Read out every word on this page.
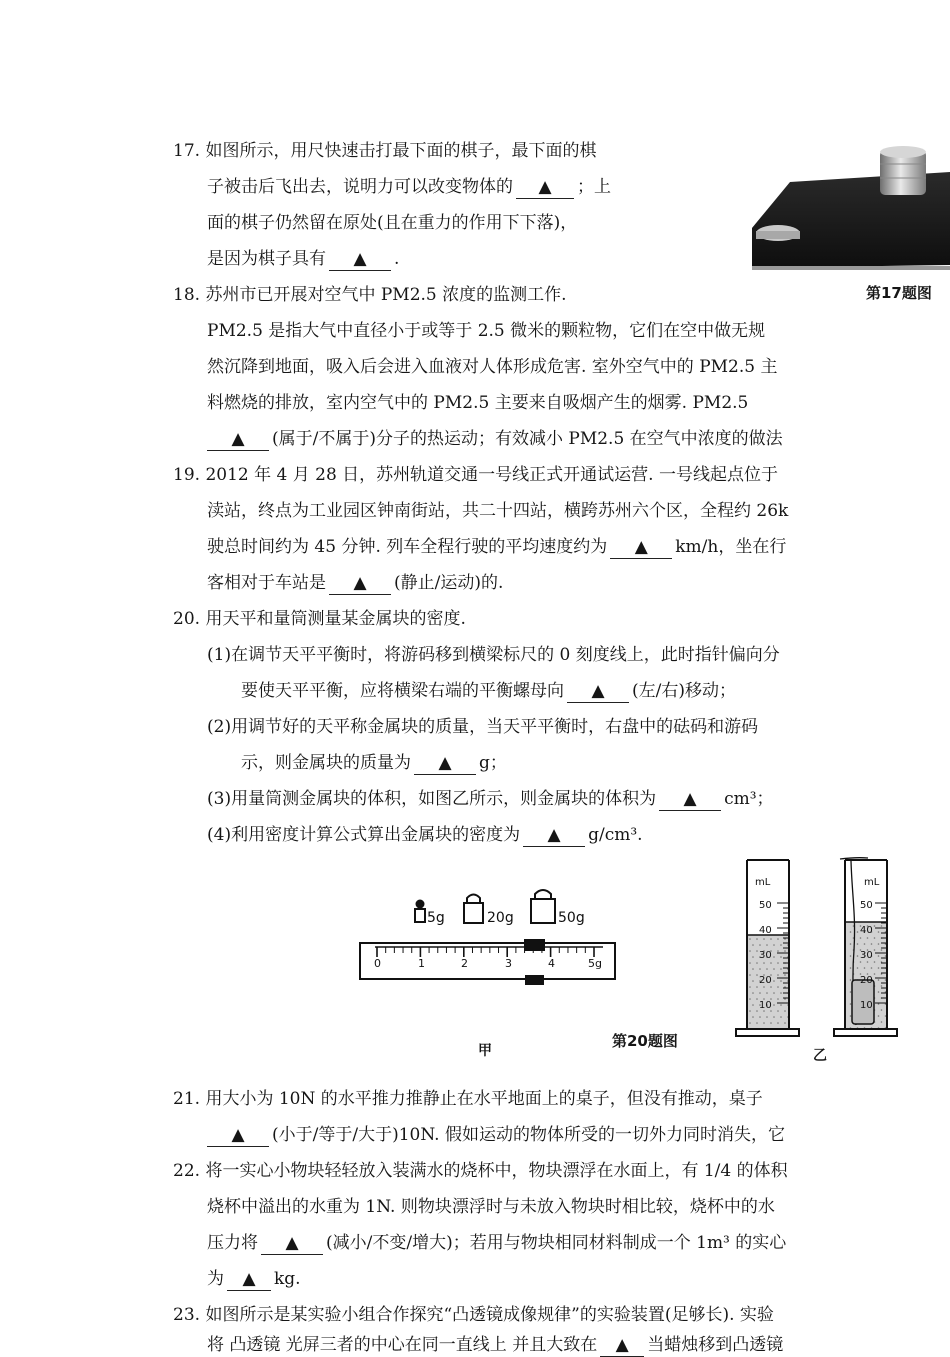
17. 如图所示，用尺快速击打最下面的棋子，最下面的棋
子被击后飞出去，说明力可以改变物体的 ▲ ；上
面的棋子仍然留在原处(且在重力的作用下下落)，
是因为棋子具有 ▲ .
第17题图
18. 苏州市已开展对空气中 PM2.5 浓度的监测工作.
PM2.5 是指大气中直径小于或等于 2.5 微米的颗粒物，它们在空中做无规
然沉降到地面，吸入后会进入血液对人体形成危害. 室外空气中的 PM2.5 主
料燃烧的排放，室内空气中的 PM2.5 主要来自吸烟产生的烟雾. PM2.5
▲ (属于/不属于)分子的热运动；有效减小 PM2.5 在空气中浓度的做法
19. 2012 年 4 月 28 日，苏州轨道交通一号线正式开通试运营. 一号线起点位于
渎站，终点为工业园区钟南街站，共二十四站，横跨苏州六个区，全程约 26k
驶总时间约为 45 分钟. 列车全程行驶的平均速度约为 ▲ km/h，坐在行
客相对于车站是 ▲ (静止/运动)的.
20. 用天平和量筒测量某金属块的密度.
(1)在调节天平平衡时，将游码移到横梁标尺的 0 刻度线上，此时指针偏向分
要使天平平衡，应将横梁右端的平衡螺母向 ▲ (左/右)移动；
(2)用调节好的天平称金属块的质量，当天平平衡时，右盘中的砝码和游码
示，则金属块的质量为 ▲ g；
(3)用量筒测金属块的体积，如图乙所示，则金属块的体积为 ▲ cm³；
(4)利用密度计算公式算出金属块的密度为 ▲ g/cm³.
5g	20g	50g
0	1	2	3	4	5g
甲
mL
50
40
30
20
10
mL
50
40
30
20
10
乙
第20题图
21. 用大小为 10N 的水平推力推静止在水平地面上的桌子，但没有推动，桌子
▲ (小于/等于/大于)10N. 假如运动的物体所受的一切外力同时消失，它
22. 将一实心小物块轻轻放入装满水的烧杯中，物块漂浮在水面上，有 1/4 的体积
烧杯中溢出的水重为 1N. 则物块漂浮时与未放入物块时相比较，烧杯中的水
压力将 ▲ (减小/不变/增大)；若用与物块相同材料制成一个 1m³ 的实心
为 ▲ kg.
23. 如图所示是某实验小组合作探究“凸透镜成像规律”的实验装置(足够长). 实验
将 凸透镜 光屏三者的中心在同一直线上 并且大致在 ▲ 当蜡烛移到凸透镜
